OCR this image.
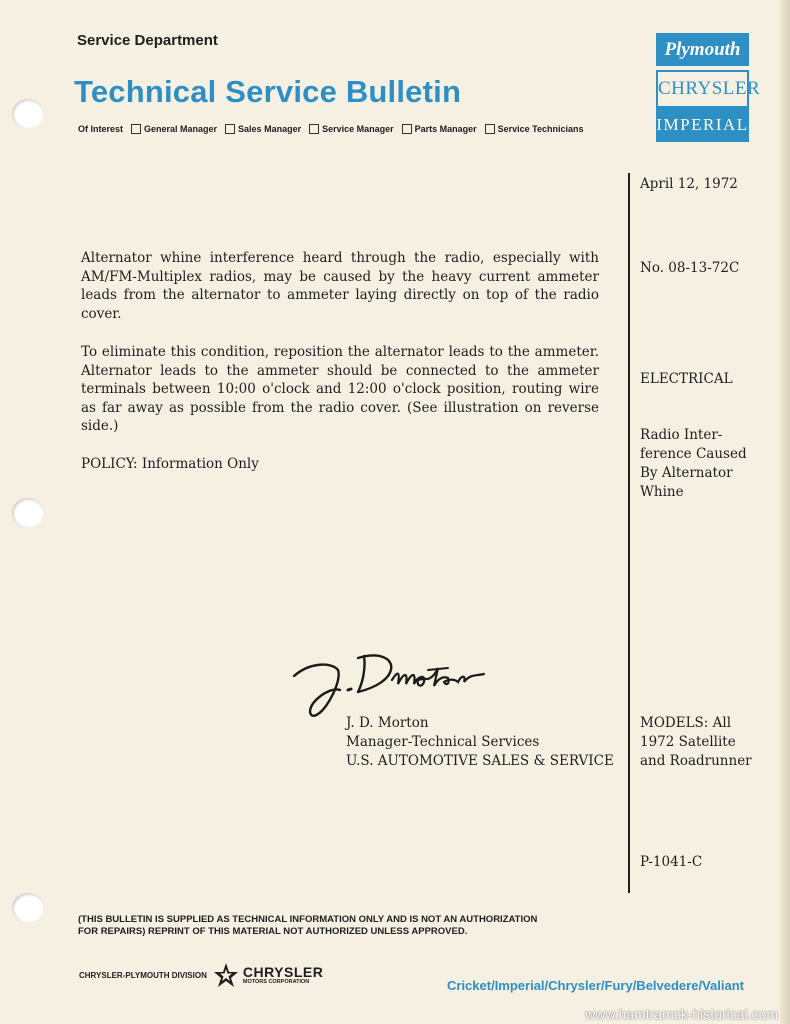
Service Department
Technical Service Bulletin
Of Interest General Manager Sales Manager Service Manager Parts Manager Service Technicians
Plymouth
CHRYSLER
IMPERIAL
April 12, 1972
No. 08-13-72C
ELECTRICAL
Radio Inter-
ference Caused
By Alternator
Whine
MODELS: All
1972 Satellite
and Roadrunner
P-1041-C
Alternator whine interference heard through the radio, especially with AM/FM-Multiplex radios, may be caused by the heavy current ammeter leads from the alternator to ammeter laying directly on top of the radio cover.
To eliminate this condition, reposition the alternator leads to the ammeter. Alternator leads to the ammeter should be connected to the ammeter terminals between 10:00 o'clock and 12:00 o'clock position, routing wire as far away as possible from the radio cover. (See illustration on reverse side.)
POLICY: Information Only
J. D. Morton
Manager-Technical Services
U.S. AUTOMOTIVE SALES & SERVICE
(THIS BULLETIN IS SUPPLIED AS TECHNICAL INFORMATION ONLY AND IS NOT AN AUTHORIZATION
FOR REPAIRS) REPRINT OF THIS MATERIAL NOT AUTHORIZED UNLESS APPROVED.
CHRYSLER-PLYMOUTH DIVISION	CHRYSLER
MOTORS CORPORATION	Cricket/Imperial/Chrysler/Fury/Belvedere/Valiant
www.hamtramck-historical.com
